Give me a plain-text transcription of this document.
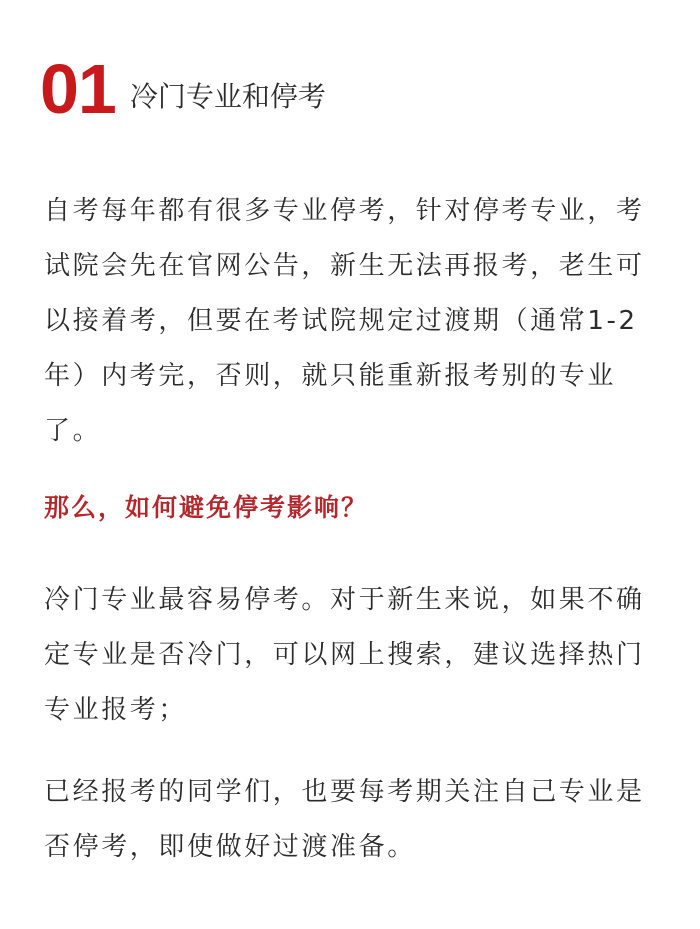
01 冷门专业和停考

自考每年都有很多专业停考，针对停考专业，考试院会先在官网公告，新生无法再报考，老生可以接着考，但要在考试院规定过渡期（通常1-2年）内考完，否则，就只能重新报考别的专业了。

那么，如何避免停考影响？

冷门专业最容易停考。对于新生来说，如果不确定专业是否冷门，可以网上搜索，建议选择热门专业报考；

已经报考的同学们，也要每考期关注自己专业是否停考，即使做好过渡准备。
